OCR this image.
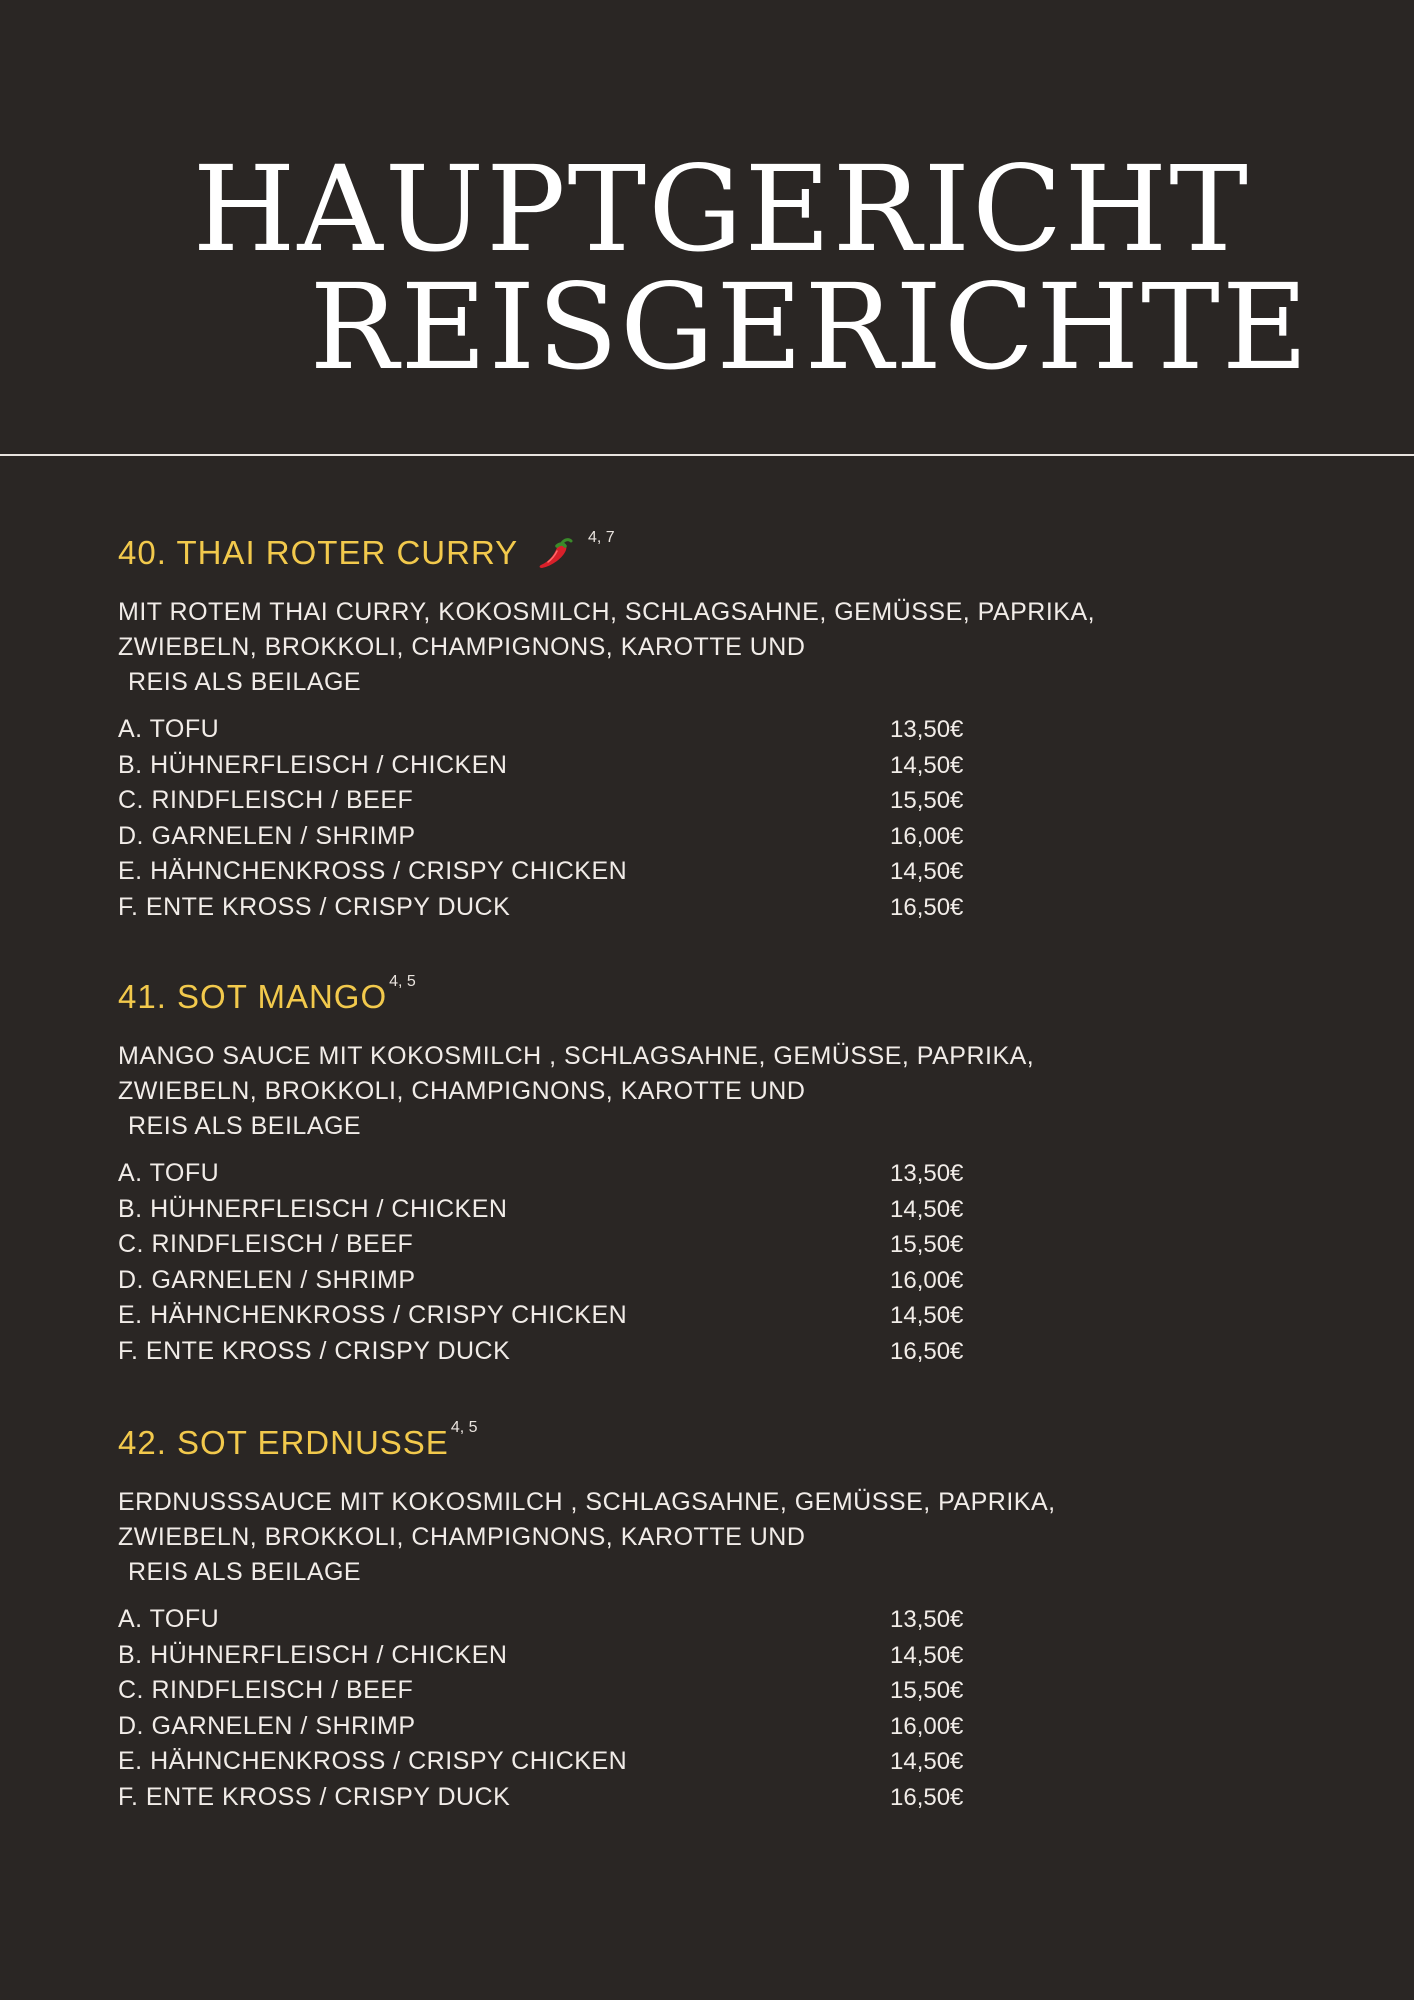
HAUPTGERICHT
REISGERICHTE
40. THAI ROTER CURRY	$^{4, 7}$
MIT ROTEM THAI CURRY, KOKOSMILCH, SCHLAGSAHNE, GEMÜSSE, PAPRIKA,
ZWIEBELN, BROKKOLI, CHAMPIGNONS, KAROTTE UND
REIS ALS BEILAGE
A. TOFU	13,50€
B. HÜHNERFLEISCH / CHICKEN	14,50€
C. RINDFLEISCH / BEEF	15,50€
D. GARNELEN / SHRIMP	16,00€
E. HÄHNCHENKROSS / CRISPY CHICKEN	14,50€
F. ENTE KROSS / CRISPY DUCK	16,50€
41. SOT MANGO $^{4, 5}$
MANGO SAUCE MIT KOKOSMILCH , SCHLAGSAHNE, GEMÜSSE, PAPRIKA,
ZWIEBELN, BROKKOLI, CHAMPIGNONS, KAROTTE UND
REIS ALS BEILAGE
A. TOFU	13,50€
B. HÜHNERFLEISCH / CHICKEN	14,50€
C. RINDFLEISCH / BEEF	15,50€
D. GARNELEN / SHRIMP	16,00€
E. HÄHNCHENKROSS / CRISPY CHICKEN	14,50€
F. ENTE KROSS / CRISPY DUCK	16,50€
42. SOT ERDNUSSE $^{4, 5}$
ERDNUSSSAUCE MIT KOKOSMILCH , SCHLAGSAHNE, GEMÜSSE, PAPRIKA,
ZWIEBELN, BROKKOLI, CHAMPIGNONS, KAROTTE UND
REIS ALS BEILAGE
A. TOFU	13,50€
B. HÜHNERFLEISCH / CHICKEN	14,50€
C. RINDFLEISCH / BEEF	15,50€
D. GARNELEN / SHRIMP	16,00€
E. HÄHNCHENKROSS / CRISPY CHICKEN	14,50€
F. ENTE KROSS / CRISPY DUCK	16,50€
